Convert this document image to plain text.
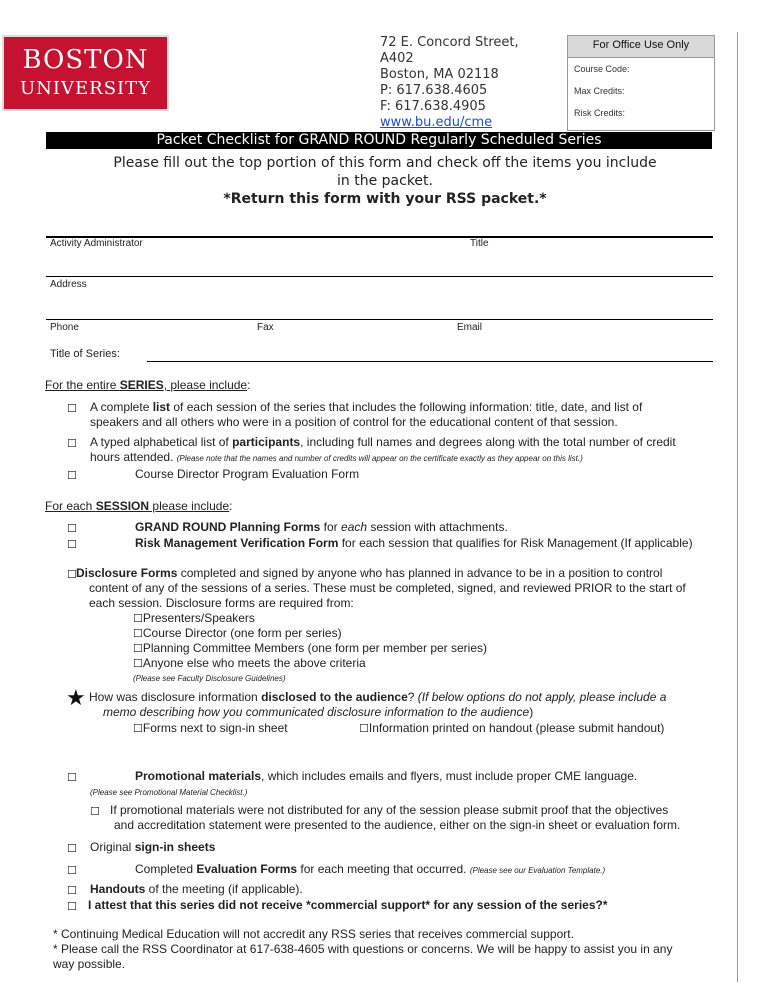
BOSTON
UNIVERSITY
72 E. Concord Street,
A402
Boston, MA 02118
P: 617.638.4605
F: 617.638.4905
www.bu.edu/cme
For Office Use Only
Course Code:
Max Credits:
Risk Credits:
Packet Checklist for GRAND ROUND Regularly Scheduled Series
Please fill out the top portion of this form and check off the items you include
in the packet.
*Return this form with your RSS packet.*
Activity Administrator	Title
Address
Phone	Fax	Email
Title of Series:
For the entire SERIES, please include:
☐ A complete list of each session of the series that includes the following information: title, date, and list of
speakers and all others who were in a position of control for the educational content of that session.
☐ A typed alphabetical list of participants, including full names and degrees along with the total number of credit
hours attended. (Please note that the names and number of credits will appear on the certificate exactly as they appear on this list.)
☐	Course Director Program Evaluation Form
For each SESSION please include:
☐	GRAND ROUND Planning Forms for each session with attachments.
☐	Risk Management Verification Form for each session that qualifies for Risk Management (If applicable)
☐ Disclosure Forms completed and signed by anyone who has planned in advance to be in a position to control
content of any of the sessions of a series. These must be completed, signed, and reviewed PRIOR to the start of
each session. Disclosure forms are required from:
☐Presenters/Speakers
☐Course Director (one form per series)
☐Planning Committee Members (one form per member per series)
☐Anyone else who meets the above criteria
(Please see Faculty Disclosure Guidelines)
★ How was disclosure information disclosed to the audience? (If below options do not apply, please include a
memo describing how you communicated disclosure information to the audience)
☐Forms next to sign-in sheet	☐Information printed on handout (please submit handout)
☐	Promotional materials, which includes emails and flyers, must include proper CME language.
(Please see Promotional Material Checklist.)
☐ If promotional materials were not distributed for any of the session please submit proof that the objectives
and accreditation statement were presented to the audience, either on the sign-in sheet or evaluation form.
☐ Original sign-in sheets
☐	Completed Evaluation Forms for each meeting that occurred. (Please see our Evaluation Template.)
☐ Handouts of the meeting (if applicable).
☐ I attest that this series did not receive *commercial support* for any session of the series?*
* Continuing Medical Education will not accredit any RSS series that receives commercial support.
* Please call the RSS Coordinator at 617-638-4605 with questions or concerns. We will be happy to assist you in any
way possible.
